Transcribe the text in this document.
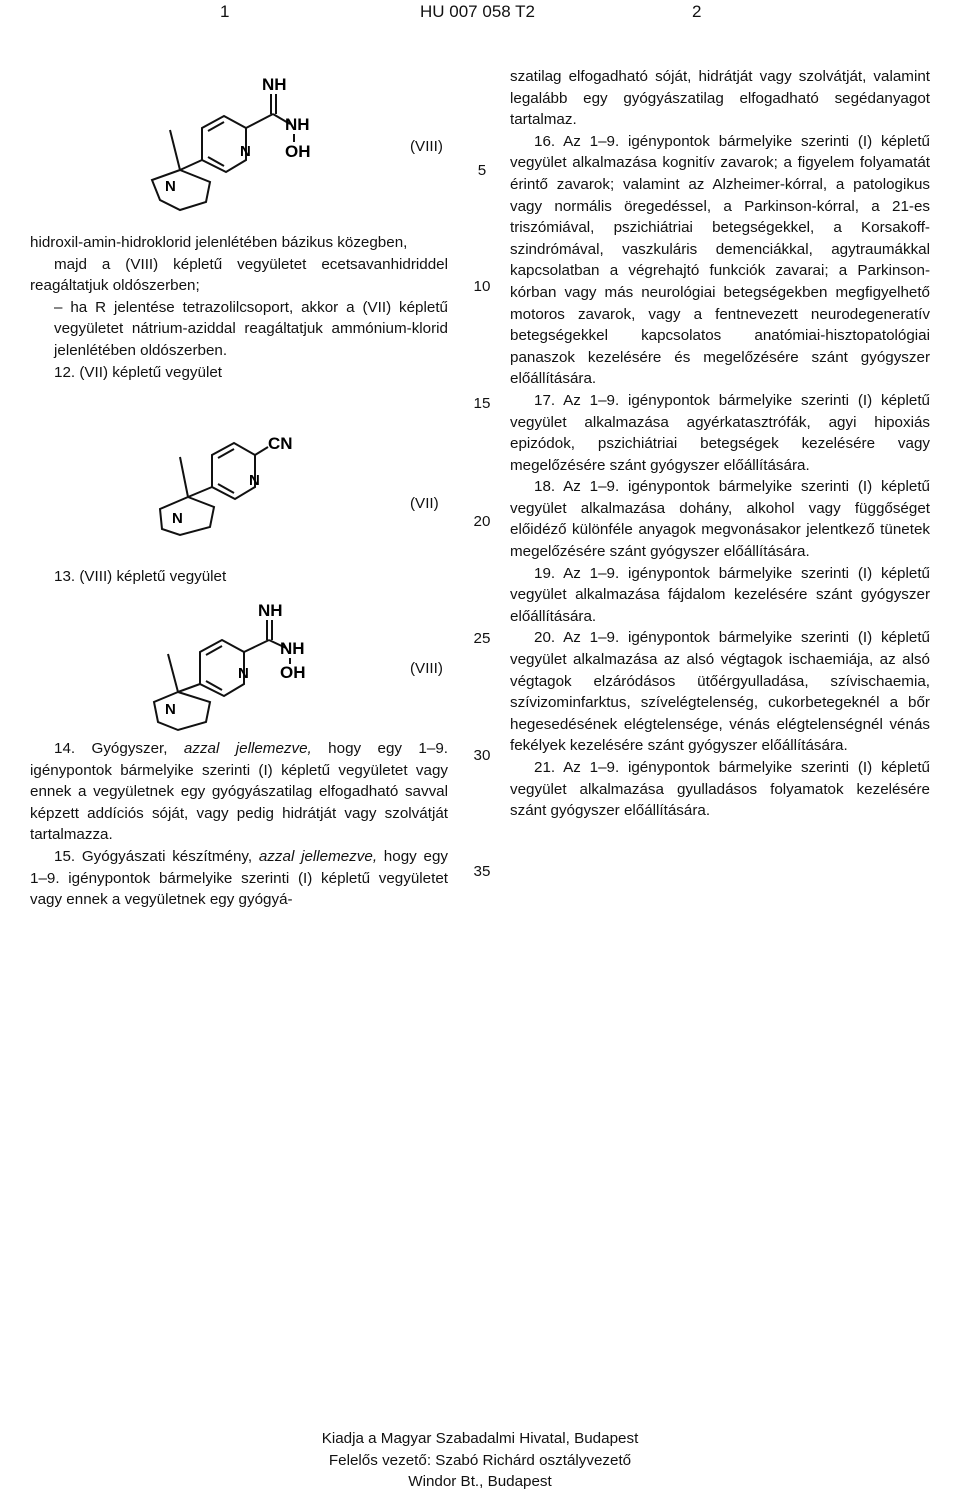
1	HU 007 058 T2	2
NH
NH
OH
N
N
(VIII)

hidroxil-amin-hidroklorid jelenlétében bázikus közegben,

majd a (VIII) képletű vegyületet ecetsavanhidriddel reagáltatjuk oldószerben;

– ha R jelentése tetrazolilcsoport, akkor a (VII) képletű vegyületet nátrium-aziddal reagáltatjuk ammónium-klorid jelenlétében oldószerben.

12. (VII) képletű vegyület

CN
N
N
(VII)

13. (VIII) képletű vegyület

NH
NH
OH
N
N
(VIII)

14. Gyógyszer, azzal jellemezve, hogy egy 1–9. igénypontok bármelyike szerinti (I) képletű vegyületet vagy ennek a vegyületnek egy gyógyászatilag elfogadható savval képzett addíciós sóját, vagy pedig hidrátját vagy szolvátját tartalmazza.

15. Gyógyászati készítmény, azzal jellemezve, hogy egy 1–9. igénypontok bármelyike szerinti (I) képletű vegyületet vagy ennek a vegyületnek egy gyógyá-

5
10
15
20
25
30
35

szatilag elfogadható sóját, hidrátját vagy szolvátját, valamint legalább egy gyógyászatilag elfogadható segédanyagot tartalmaz.

16. Az 1–9. igénypontok bármelyike szerinti (I) képletű vegyület alkalmazása kognitív zavarok; a figyelem folyamatát érintő zavarok; valamint az Alzheimer-kórral, a patologikus vagy normális öregedéssel, a Parkinson-kórral, a 21-es triszómiával, pszichiátriai betegségekkel, a Korsakoff-szindrómával, vaszkuláris demenciákkal, agytraumákkal kapcsolatban a végrehajtó funkciók zavarai; a Parkinson-kórban vagy más neurológiai betegségekben megfigyelhető motoros zavarok, vagy a fentnevezett neurodegeneratív betegségekkel kapcsolatos anatómiai-hisztopatológiai panaszok kezelésére és megelőzésére szánt gyógyszer előállítására.

17. Az 1–9. igénypontok bármelyike szerinti (I) képletű vegyület alkalmazása agyérkatasztrófák, agyi hipoxiás epizódok, pszichiátriai betegségek kezelésére vagy megelőzésére szánt gyógyszer előállítására.

18. Az 1–9. igénypontok bármelyike szerinti (I) képletű vegyület alkalmazása dohány, alkohol vagy függőséget előidéző különféle anyagok megvonásakor jelentkező tünetek megelőzésére szánt gyógyszer előállítására.

19. Az 1–9. igénypontok bármelyike szerinti (I) képletű vegyület alkalmazása fájdalom kezelésére szánt gyógyszer előállítására.

20. Az 1–9. igénypontok bármelyike szerinti (I) képletű vegyület alkalmazása az alsó végtagok ischaemiája, az alsó végtagok elzáródásos ütőérgyulladása, szívischaemia, szívizominfarktus, szívelégtelenség, cukorbetegeknél a bőr hegesedésének elégtelensége, vénás elégtelenségnél vénás fekélyek kezelésére szánt gyógyszer előállítására.

21. Az 1–9. igénypontok bármelyike szerinti (I) képletű vegyület alkalmazása gyulladásos folyamatok kezelésére szánt gyógyszer előállítására.

Kiadja a Magyar Szabadalmi Hivatal, Budapest
Felelős vezető: Szabó Richárd osztályvezető
Windor Bt., Budapest
